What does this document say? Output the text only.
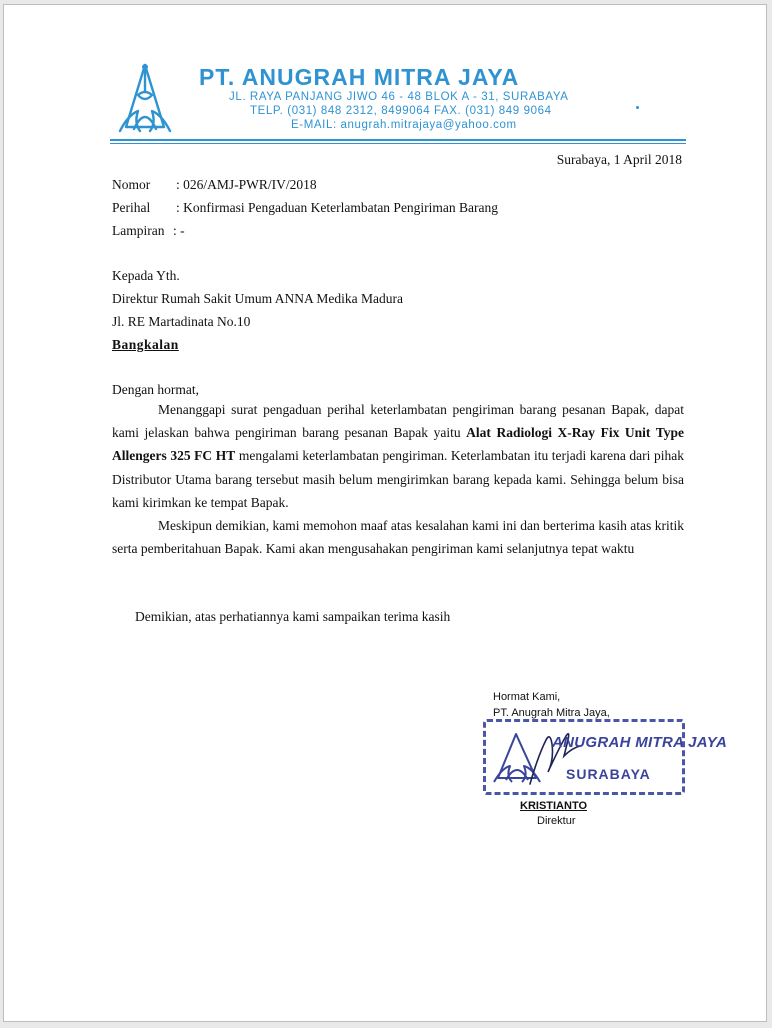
PT. ANUGRAH MITRA JAYA
JL. RAYA PANJANG JIWO 46 - 48 BLOK A - 31, SURABAYA
TELP. (031) 848 2312, 8499064 FAX. (031) 849 9064
E-MAIL: anugrah.mitrajaya@yahoo.com
Surabaya, 1 April 2018
Nomor : 026/AMJ-PWR/IV/2018
Perihal : Konfirmasi Pengaduan Keterlambatan Pengiriman Barang
Lampiran : -
Kepada Yth.
Direktur Rumah Sakit Umum ANNA Medika Madura
Jl. RE Martadinata No.10
Bangkalan
Dengan hormat,

Menanggapi surat pengaduan perihal keterlambatan pengiriman barang pesanan Bapak, dapat kami jelaskan bahwa pengiriman barang pesanan Bapak yaitu Alat Radiologi X-Ray Fix Unit Type Allengers 325 FC HT mengalami keterlambatan pengiriman. Keterlambatan itu terjadi karena dari pihak Distributor Utama barang tersebut masih belum mengirimkan barang kepada kami. Sehingga belum bisa kami kirimkan ke tempat Bapak.

Meskipun demikian, kami memohon maaf atas kesalahan kami ini dan berterima kasih atas kritik serta pemberitahuan Bapak. Kami akan mengusahakan pengiriman kami selanjutnya tepat waktu

Demikian, atas perhatiannya kami sampaikan terima kasih
Hormat Kami,
PT. Anugrah Mitra Jaya,
ANUGRAH MITRA JAYA
SURABAYA
KRISTIANTO
Direktur
